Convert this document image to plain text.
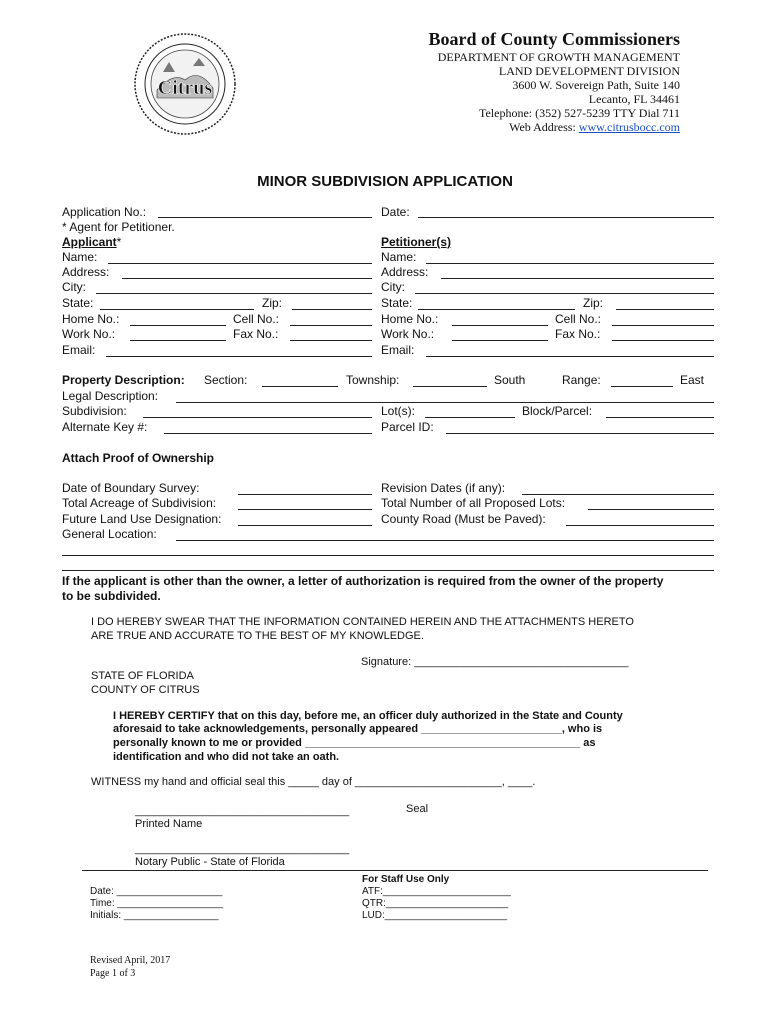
Citrus
Board of County Commissioners
DEPARTMENT OF GROWTH MANAGEMENT
LAND DEVELOPMENT DIVISION
3600 W. Sovereign Path, Suite 140
Lecanto, FL 34461
Telephone: (352) 527-5239 TTY Dial 711
Web Address: www.citrusbocc.com
MINOR SUBDIVISION APPLICATION
Application No.:	Date:
* Agent for Petitioner.
Applicant*
Name:
Address:
City:
State:	Zip:
Home No.:	Cell No.:
Work No.:	Fax No.:
Email:
Petitioner(s)
Name:
Address:
City:
State:	Zip:
Home No.:	Cell No.:
Work No.:	Fax No.:
Email:
Property Description: Section:	Township:	South	Range:	East
Legal Description:
Subdivision:	Lot(s):	Block/Parcel:
Alternate Key #:	Parcel ID:
Attach Proof of Ownership
Date of Boundary Survey:	Revision Dates (if any):
Total Acreage of Subdivision:	Total Number of all Proposed Lots:
Future Land Use Designation:	County Road (Must be Paved):
General Location:
If the applicant is other than the owner, a letter of authorization is required from the owner of the property
to be subdivided.
I DO HEREBY SWEAR THAT THE INFORMATION CONTAINED HEREIN AND THE ATTACHMENTS HERETO
ARE TRUE AND ACCURATE TO THE BEST OF MY KNOWLEDGE.
Signature: ___________________________________
STATE OF FLORIDA
COUNTY OF CITRUS
I HEREBY CERTIFY that on this day, before me, an officer duly authorized in the State and County
aforesaid to take acknowledgements, personally appeared _______________________, who is
personally known to me or provided _____________________________________________ as
identification and who did not take an oath.
WITNESS my hand and official seal this _____ day of ________________________, ____.
___________________________________	Seal
Printed Name
___________________________________
Notary Public - State of Florida
For Staff Use Only
Date: ___________________
Time: ___________________
Initials: _________________
ATF:_______________________
QTR:______________________
LUD:______________________
Revised April, 2017
Page 1 of 3
